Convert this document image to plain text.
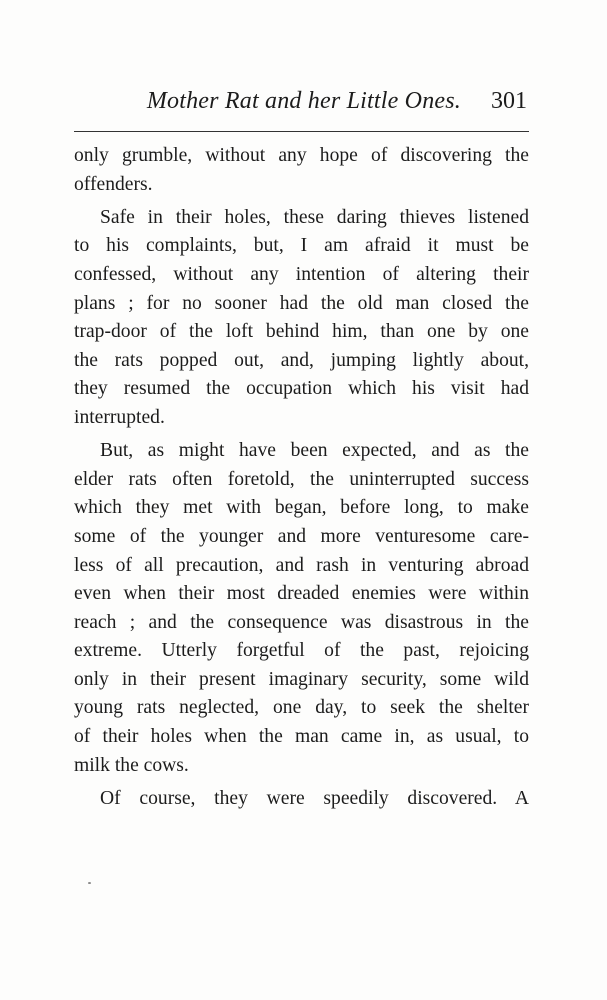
Mother Rat and her Little Ones. 301
only grumble, without any hope of discovering the
offenders.
Safe in their holes, these daring thieves listened
to his complaints, but, I am afraid it must be
confessed, without any intention of altering their
plans ; for no sooner had the old man closed the
trap-door of the loft behind him, than one by one
the rats popped out, and, jumping lightly about,
they resumed the occupation which his visit had
interrupted.
But, as might have been expected, and as the
elder rats often foretold, the uninterrupted success
which they met with began, before long, to make
some of the younger and more venturesome care-
less of all precaution, and rash in venturing abroad
even when their most dreaded enemies were within
reach ; and the consequence was disastrous in the
extreme. Utterly forgetful of the past, rejoicing
only in their present imaginary security, some wild
young rats neglected, one day, to seek the shelter
of their holes when the man came in, as usual, to
milk the cows.
Of course, they were speedily discovered. A
